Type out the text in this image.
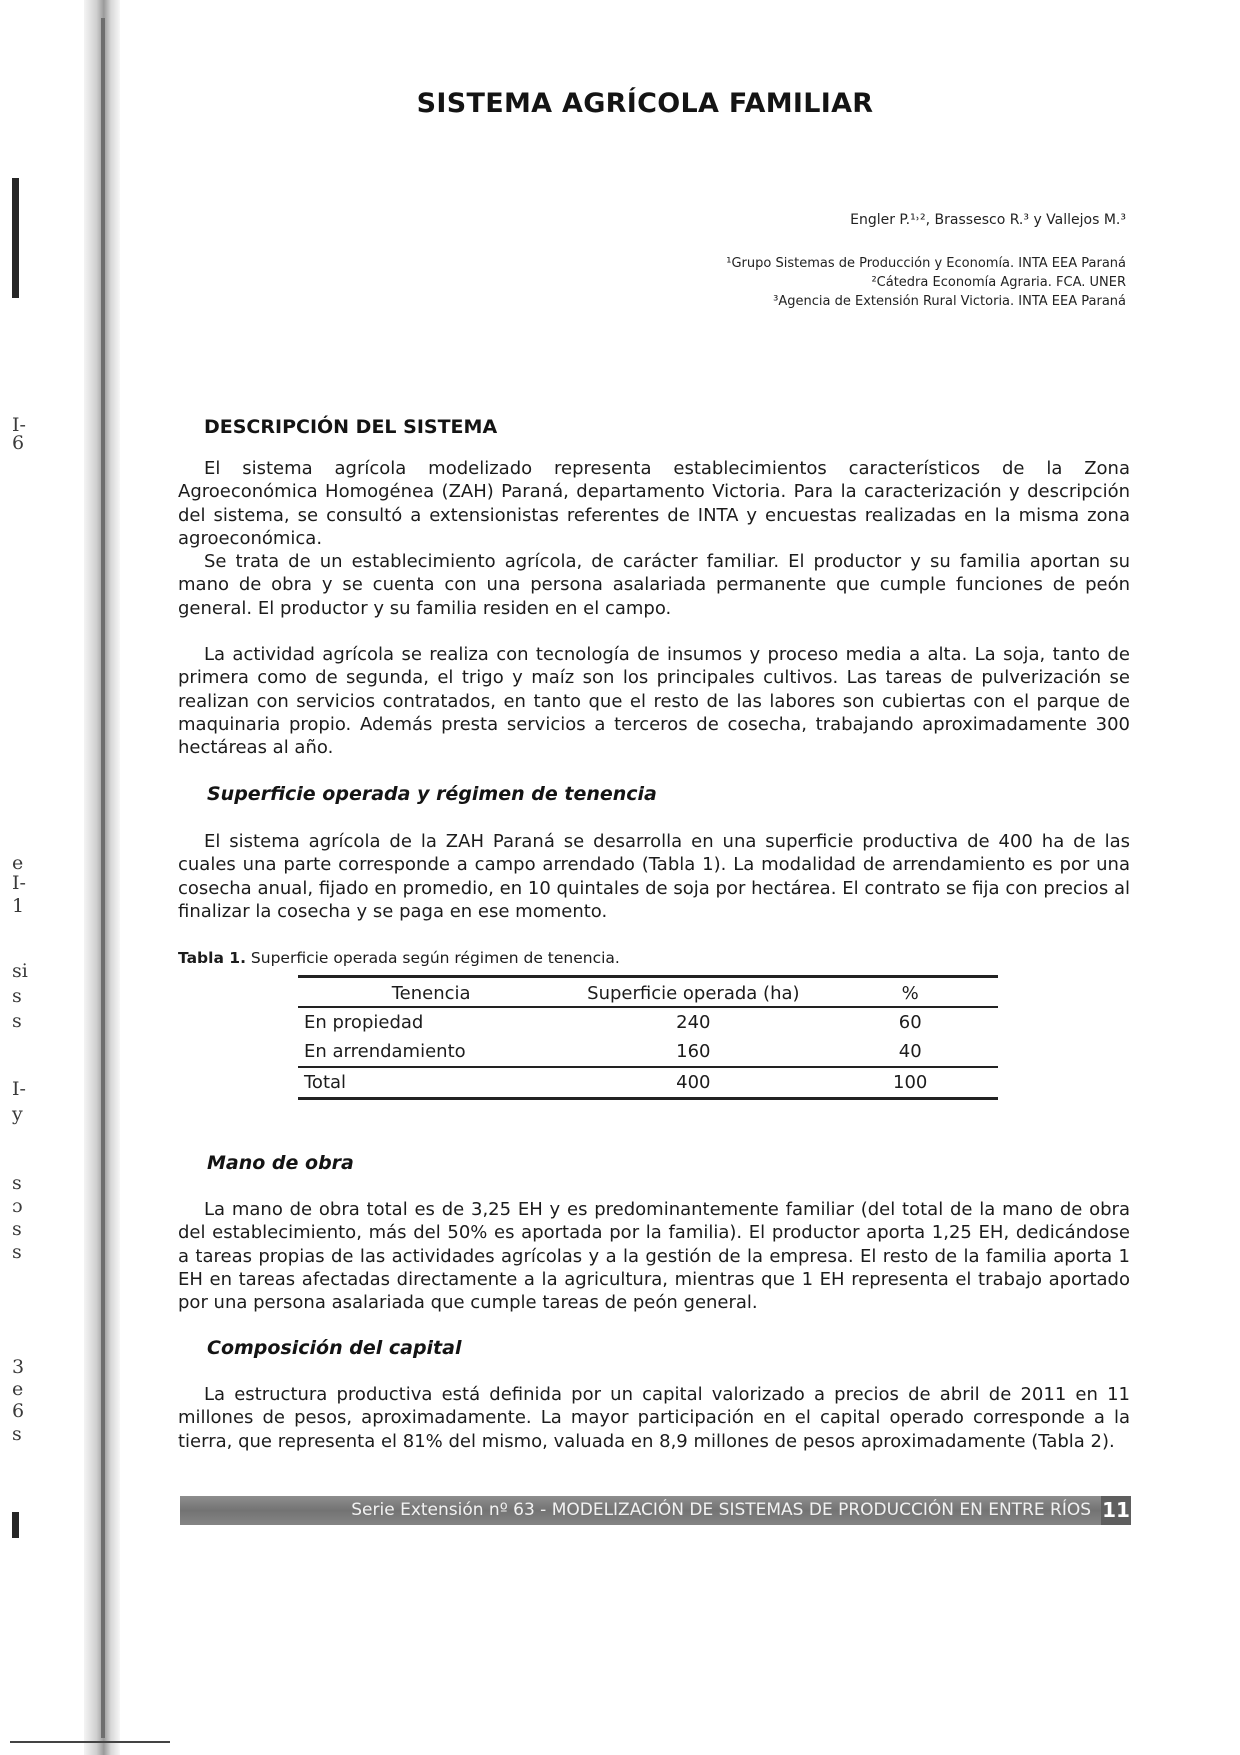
I-
6
e
I-
1
si
s
s
I-
y
s
ɔ
s
s
3
e
6
s
SISTEMA AGRÍCOLA FAMILIAR
Engler P.¹˒², Brassesco R.³ y Vallejos M.³
¹Grupo Sistemas de Producción y Economía. INTA EEA Paraná
²Cátedra Economía Agraria. FCA. UNER
³Agencia de Extensión Rural Victoria. INTA EEA Paraná
DESCRIPCIÓN DEL SISTEMA

El sistema agrícola modelizado representa establecimientos característicos de la Zona Agroeconómica Homogénea (ZAH) Paraná, departamento Victoria. Para la caracterización y descripción del sistema, se consultó a extensionistas referentes de INTA y encuestas realizadas en la misma zona agroeconómica.

Se trata de un establecimiento agrícola, de carácter familiar. El productor y su familia aportan su mano de obra y se cuenta con una persona asalariada permanente que cumple funciones de peón general. El productor y su familia residen en el campo.

La actividad agrícola se realiza con tecnología de insumos y proceso media a alta. La soja, tanto de primera como de segunda, el trigo y maíz son los principales cultivos. Las tareas de pulverización se realizan con servicios contratados, en tanto que el resto de las labores son cubiertas con el parque de maquinaria propio. Además presta servicios a terceros de cosecha, trabajando aproximadamente 300 hectáreas al año.

Superficie operada y régimen de tenencia

El sistema agrícola de la ZAH Paraná se desarrolla en una superficie productiva de 400 ha de las cuales una parte corresponde a campo arrendado (Tabla 1). La modalidad de arrendamiento es por una cosecha anual, fijado en promedio, en 10 quintales de soja por hectárea. El contrato se fija con precios al finalizar la cosecha y se paga en ese momento.

Tabla 1. Superficie operada según régimen de tenencia.
Tenencia	Superficie operada (ha)	%
En propiedad	240	60
En arrendamiento	160	40
Total	400	100
Mano de obra

La mano de obra total es de 3,25 EH y es predominantemente familiar (del total de la mano de obra del establecimiento, más del 50% es aportada por la familia). El productor aporta 1,25 EH, dedicándose a tareas propias de las actividades agrícolas y a la gestión de la empresa. El resto de la familia aporta 1 EH en tareas afectadas directamente a la agricultura, mientras que 1 EH representa el trabajo aportado por una persona asalariada que cumple tareas de peón general.

Composición del capital

La estructura productiva está definida por un capital valorizado a precios de abril de 2011 en 11 millones de pesos, aproximadamente. La mayor participación en el capital operado corresponde a la tierra, que representa el 81% del mismo, valuada en 8,9 millones de pesos aproximadamente (Tabla 2).

Serie Extensión nº 63 - MODELIZACIÓN DE SISTEMAS DE PRODUCCIÓN EN ENTRE RÍOS 11
